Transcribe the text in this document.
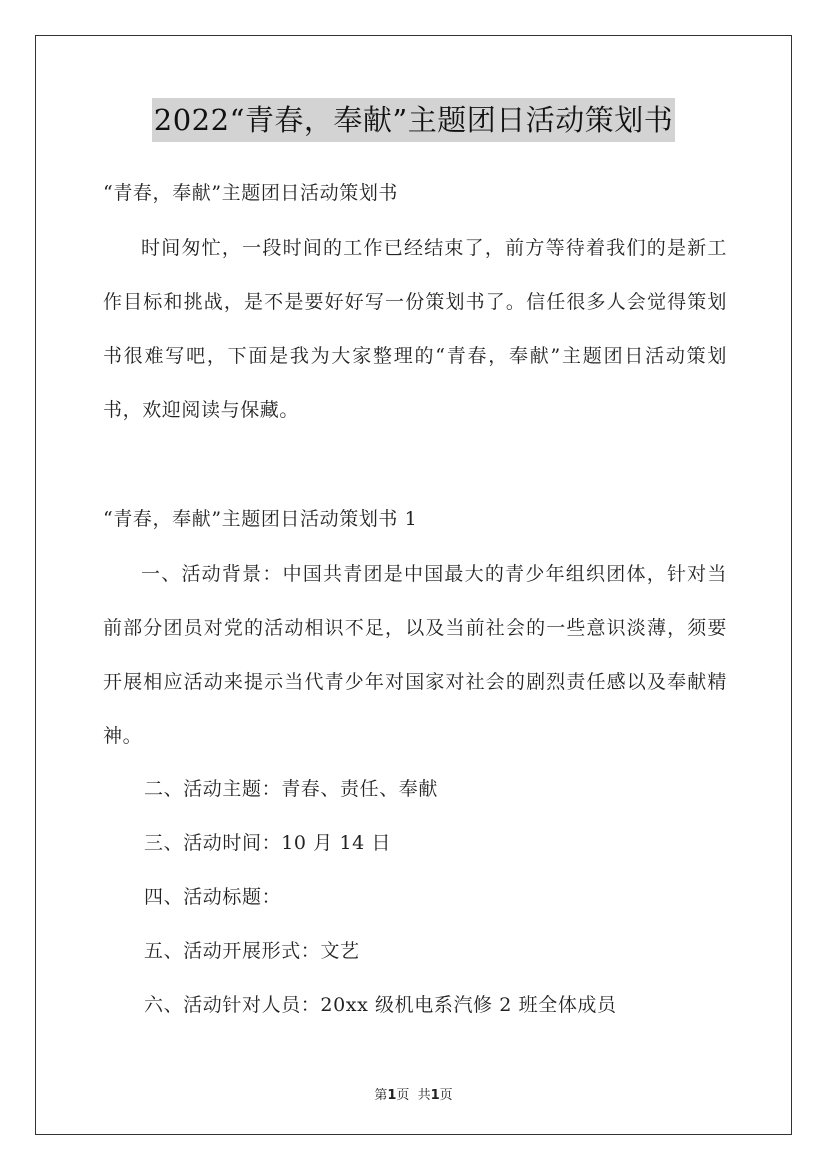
2022“青春，奉献”主题团日活动策划书
“青春，奉献”主题团日活动策划书
时间匆忙，一段时间的工作已经结束了，前方等待着我们的是新工作目标和挑战，是不是要好好写一份策划书了。信任很多人会觉得策划书很难写吧，下面是我为大家整理的“青春，奉献”主题团日活动策划书，欢迎阅读与保藏。
“青春，奉献”主题团日活动策划书 1
一、活动背景：中国共青团是中国最大的青少年组织团体，针对当前部分团员对党的活动相识不足，以及当前社会的一些意识淡薄，须要开展相应活动来提示当代青少年对国家对社会的剧烈责任感以及奉献精神。
二、活动主题：青春、责任、奉献
三、活动时间：10 月 14 日
四、活动标题：
五、活动开展形式：文艺
六、活动针对人员：20xx 级机电系汽修 2 班全体成员
第1页 共1页
